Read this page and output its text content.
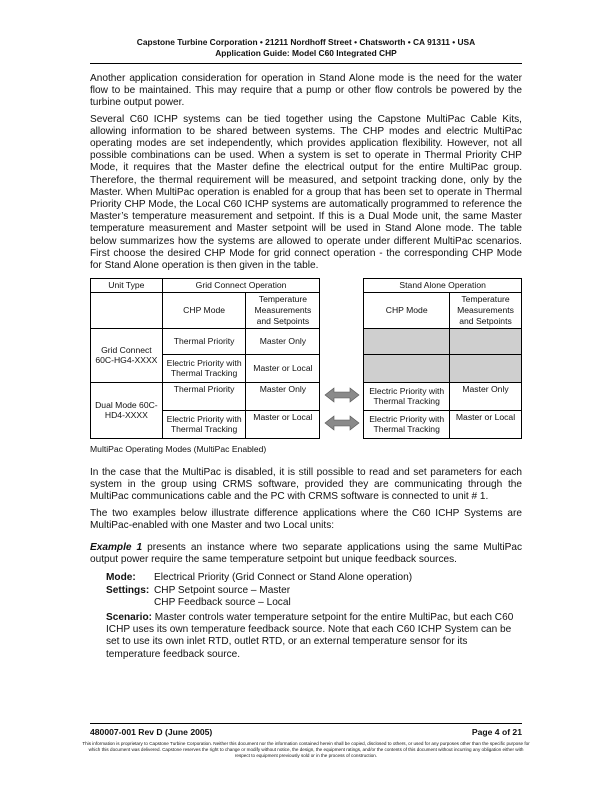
Capstone Turbine Corporation • 21211 Nordhoff Street • Chatsworth • CA 91311 • USA
Application Guide: Model C60 Integrated CHP

Another application consideration for operation in Stand Alone mode is the need for the water flow to be maintained. This may require that a pump or other flow controls be powered by the turbine output power.

Several C60 ICHP systems can be tied together using the Capstone MultiPac Cable Kits, allowing information to be shared between systems. The CHP modes and electric MultiPac operating modes are set independently, which provides application flexibility. However, not all possible combinations can be used. When a system is set to operate in Thermal Priority CHP Mode, it requires that the Master define the electrical output for the entire MultiPac group. Therefore, the thermal requirement will be measured, and setpoint tracking done, only by the Master. When MultiPac operation is enabled for a group that has been set to operate in Thermal Priority CHP Mode, the Local C60 ICHP systems are automatically programmed to reference the Master’s temperature measurement and setpoint. If this is a Dual Mode unit, the same Master temperature measurement and Master setpoint will be used in Stand Alone mode. The table below summarizes how the systems are allowed to operate under different MultiPac scenarios. First choose the desired CHP Mode for grid connect operation - the corresponding CHP Mode for Stand Alone operation is then given in the table.

Unit Type	Grid Connect Operation			Stand Alone Operation	
	CHP Mode	Temperature Measurements and Setpoints		CHP Mode	Temperature Measurements and Setpoints
Grid Connect 60C-HG4-XXXX	Thermal Priority	Master Only			
	Electric Priority with Thermal Tracking	Master or Local			
Dual Mode 60C-HD4-XXXX	Thermal Priority	Master Only		Electric Priority with Thermal Tracking	Master Only
	Electric Priority with Thermal Tracking	Master or Local		Electric Priority with Thermal Tracking	Master or Local
MultiPac Operating Modes (MultiPac Enabled)

In the case that the MultiPac is disabled, it is still possible to read and set parameters for each system in the group using CRMS software, provided they are communicating through the MultiPac communications cable and the PC with CRMS software is connected to unit # 1.

The two examples below illustrate difference applications where the C60 ICHP Systems are MultiPac-enabled with one Master and two Local units:

Example 1 presents an instance where two separate applications using the same MultiPac output power require the same temperature setpoint but unique feedback sources.

Mode:	Electrical Priority (Grid Connect or Stand Alone operation)
Settings: CHP Setpoint source – Master
CHP Feedback source – Local
Scenario: Master controls water temperature setpoint for the entire MultiPac, but each C60 ICHP uses its own temperature feedback source. Note that each C60 ICHP System can be set to use its own inlet RTD, outlet RTD, or an external temperature sensor for its temperature feedback source.
480007-001 Rev D (June 2005)	Page 4 of 21
This information is proprietary to Capstone Turbine Corporation. Neither this document nor the information contained herein shall be copied, disclosed to others, or used for any purposes other than the specific purpose for which this document was delivered. Capstone reserves the right to change or modify without notice, the design, the equipment ratings, and/or the contents of this document without incurring any obligation either with respect to equipment previously sold or in the process of construction.
